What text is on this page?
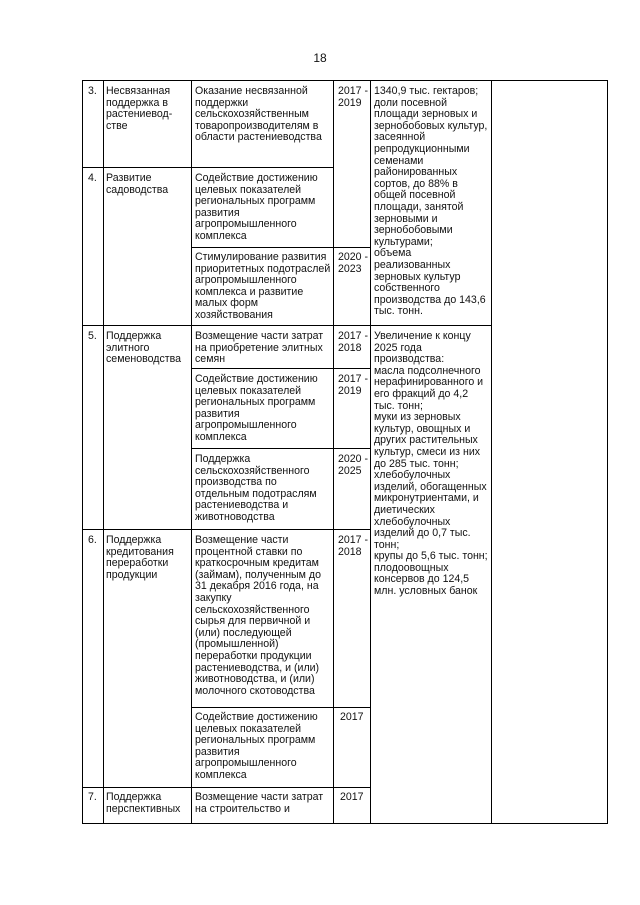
18
3. Несвязанная
поддержка в
растениевод-
стве
Оказание несвязанной
поддержки
сельскохозяйственным
товаропроизводителям в
области растениеводства
2017 -
2019
4. Развитие
садоводства
Содействие достижению
целевых показателей
региональных программ
развития
агропромышленного
комплекса
Стимулирование развития
приоритетных подотраслей
агропромышленного
комплекса и развитие
малых форм
хозяйствования
2020 -
2023
5. Поддержка
элитного
семеноводства
Возмещение части затрат
на приобретение элитных
семян
2017 -
2018
Содействие достижению
целевых показателей
региональных программ
развития
агропромышленного
комплекса
2017 -
2019
Поддержка
сельскохозяйственного
производства по
отдельным подотраслям
растениеводства и
животноводства
2020 -
2025
6. Поддержка
кредитования
переработки
продукции
Возмещение части
процентной ставки по
краткосрочным кредитам
(займам), полученным до
31 декабря 2016 года, на
закупку
сельскохозяйственного
сырья для первичной и
(или) последующей
(промышленной)
переработки продукции
растениеводства, и (или)
животноводства, и (или)
молочного скотоводства
2017 -
2018
Содействие достижению
целевых показателей
региональных программ
развития
агропромышленного
комплекса
2017
7. Поддержка
перспективных
Возмещение части затрат
на строительство и
2017
1340,9 тыс. гектаров;
доли посевной
площади зерновых и
зернобобовых культур,
засеянной
репродукционными
семенами
районированных
сортов, до 88% в
общей посевной
площади, занятой
зерновыми и
зернобобовыми
культурами;
объема
реализованных
зерновых культур
собственного
производства до 143,6
тыс. тонн.
Увеличение к концу
2025 года
производства:
масла подсолнечного
нерафинированного и
его фракций до 4,2
тыс. тонн;
муки из зерновых
культур, овощных и
других растительных
культур, смеси из них
до 285 тыс. тонн;
хлебобулочных
изделий, обогащенных
микронутриентами, и
диетических
хлебобулочных
изделий до 0,7 тыс.
тонн;
крупы до 5,6 тыс. тонн;
плодоовощных
консервов до 124,5
млн. условных банок
